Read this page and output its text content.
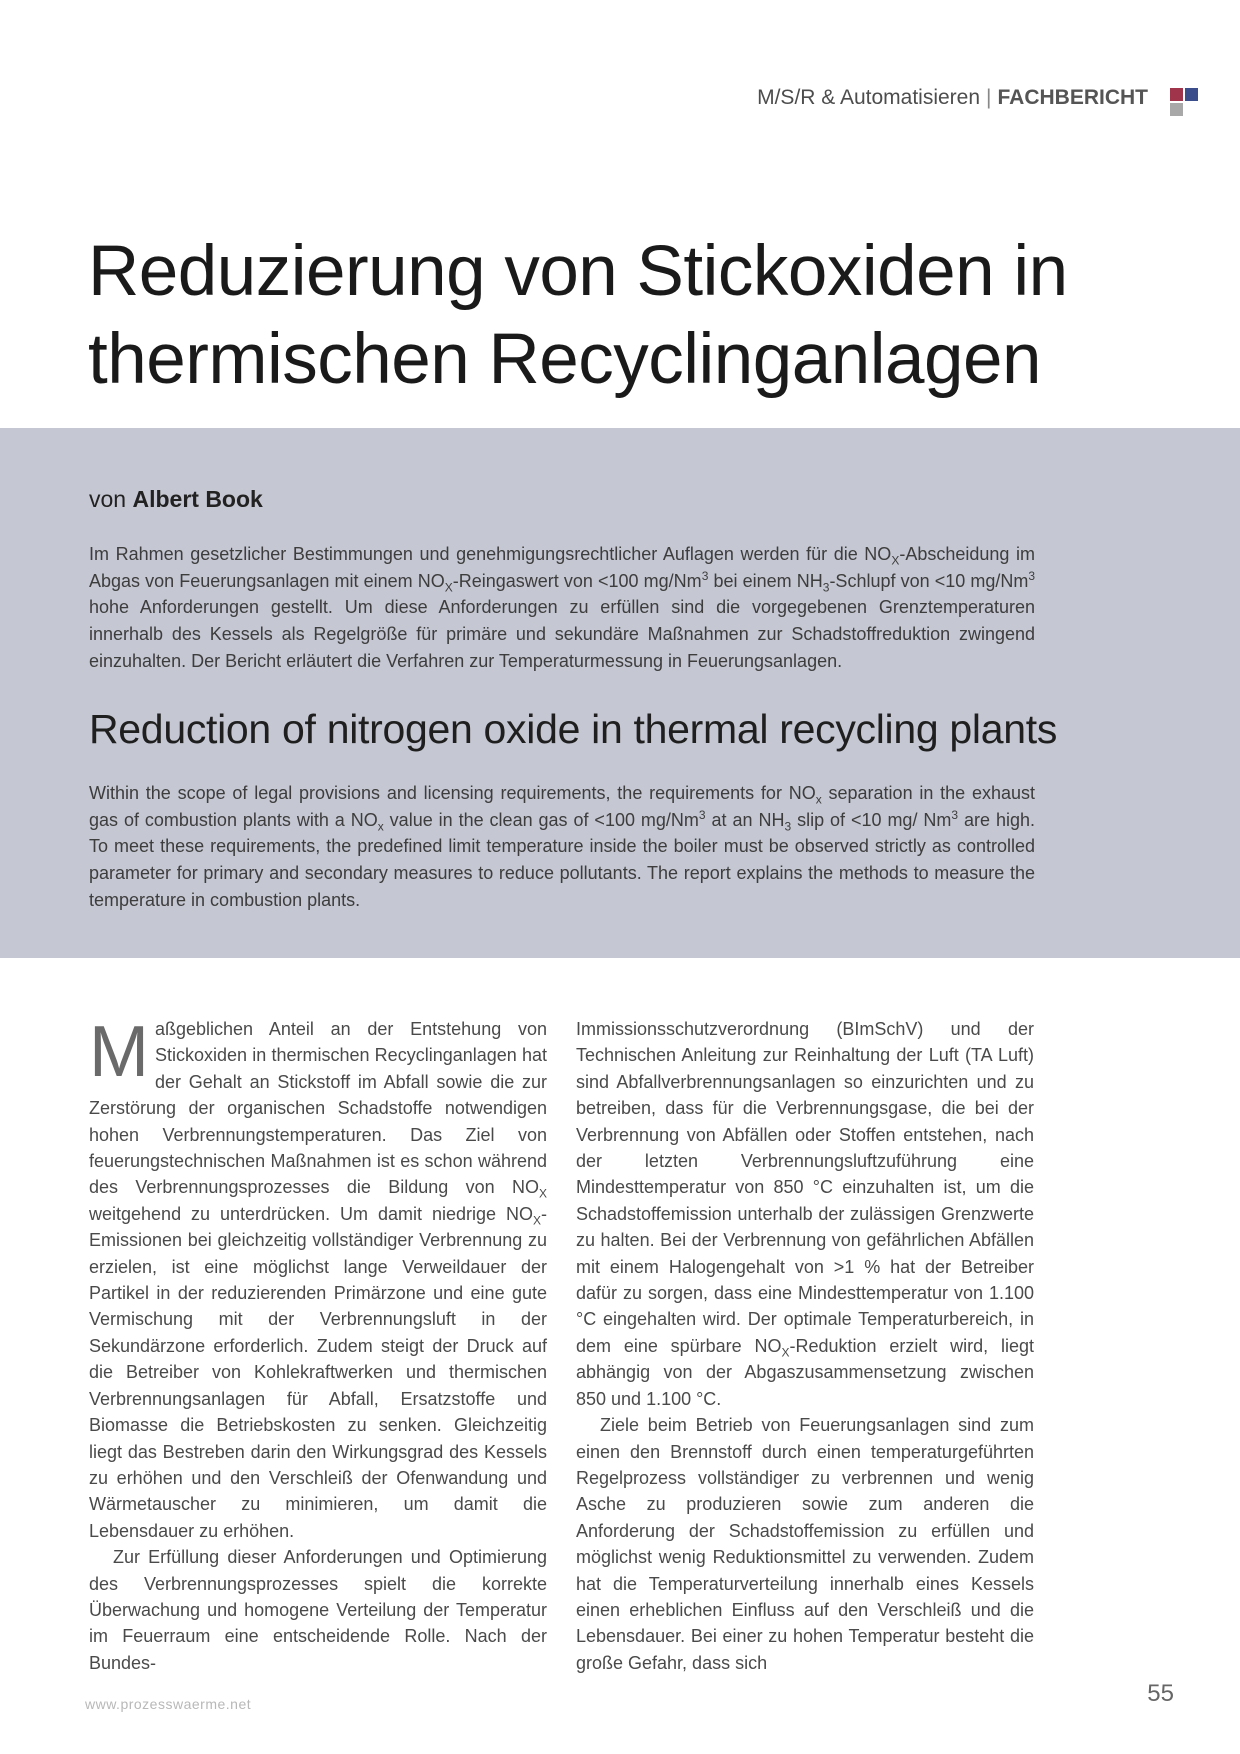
M/S/R & Automatisieren | FACHBERICHT
Reduzierung von Stickoxiden in thermischen Recyclinganlagen
von Albert Book

Im Rahmen gesetzlicher Bestimmungen und genehmigungsrechtlicher Auflagen werden für die $NO_X$-Abscheidung im Abgas von Feuerungsanlagen mit einem $NO_X$-Reingaswert von <100 mg/Nm$^3$ bei einem $NH_3$-Schlupf von <10 mg/Nm$^3$ hohe Anforderungen gestellt. Um diese Anforderungen zu erfüllen sind die vorgegebenen Grenztemperaturen innerhalb des Kessels als Regelgröße für primäre und sekundäre Maßnahmen zur Schadstoffreduktion zwingend einzuhalten. Der Bericht erläutert die Verfahren zur Temperaturmessung in Feuerungsanlagen.

Reduction of nitrogen oxide in thermal recycling plants

Within the scope of legal provisions and licensing requirements, the requirements for $NO_x$ separation in the exhaust gas of combustion plants with a $NO_x$ value in the clean gas of <100 mg/Nm$^3$ at an $NH_3$ slip of <10 mg/ Nm$^3$ are high. To meet these requirements, the predefined limit temperature inside the boiler must be observed strictly as controlled parameter for primary and secondary measures to reduce pollutants. The report explains the methods to measure the temperature in combustion plants.

Maßgeblichen Anteil an der Entstehung von Stickoxiden in thermischen Recyclinganlagen hat der Gehalt an Stickstoff im Abfall sowie die zur Zerstörung der organischen Schadstoffe notwendigen hohen Verbrennungstemperaturen. Das Ziel von feuerungstechnischen Maßnahmen ist es schon während des Verbrennungsprozesses die Bildung von $NO_X$ weitgehend zu unterdrücken. Um damit niedrige $NO_X$-Emissionen bei gleichzeitig vollständiger Verbrennung zu erzielen, ist eine möglichst lange Verweildauer der Partikel in der reduzierenden Primärzone und eine gute Vermischung mit der Verbrennungsluft in der Sekundärzone erforderlich. Zudem steigt der Druck auf die Betreiber von Kohlekraftwerken und thermischen Verbrennungsanlagen für Abfall, Ersatzstoffe und Biomasse die Betriebskosten zu senken. Gleichzeitig liegt das Bestreben darin den Wirkungsgrad des Kessels zu erhöhen und den Verschleiß der Ofenwandung und Wärmetauscher zu minimieren, um damit die Lebensdauer zu erhöhen.

Zur Erfüllung dieser Anforderungen und Optimierung des Verbrennungsprozesses spielt die korrekte Überwachung und homogene Verteilung der Temperatur im Feuerraum eine entscheidende Rolle. Nach der Bundes-

Immissionsschutzverordnung (BImSchV) und der Technischen Anleitung zur Reinhaltung der Luft (TA Luft) sind Abfallverbrennungsanlagen so einzurichten und zu betreiben, dass für die Verbrennungsgase, die bei der Verbrennung von Abfällen oder Stoffen entstehen, nach der letzten Verbrennungsluftzuführung eine Mindesttemperatur von 850 °C einzuhalten ist, um die Schadstoffemission unterhalb der zulässigen Grenzwerte zu halten. Bei der Verbrennung von gefährlichen Abfällen mit einem Halogengehalt von >1 % hat der Betreiber dafür zu sorgen, dass eine Mindesttemperatur von 1.100 °C eingehalten wird. Der optimale Temperaturbereich, in dem eine spürbare $NO_X$-Reduktion erzielt wird, liegt abhängig von der Abgaszusammensetzung zwischen 850 und 1.100 °C.

Ziele beim Betrieb von Feuerungsanlagen sind zum einen den Brennstoff durch einen temperaturgeführten Regelprozess vollständiger zu verbrennen und wenig Asche zu produzieren sowie zum anderen die Anforderung der Schadstoffemission zu erfüllen und möglichst wenig Reduktionsmittel zu verwenden. Zudem hat die Temperaturverteilung innerhalb eines Kessels einen erheblichen Einfluss auf den Verschleiß und die Lebensdauer. Bei einer zu hohen Temperatur besteht die große Gefahr, dass sich

www.prozesswaerme.net	55
